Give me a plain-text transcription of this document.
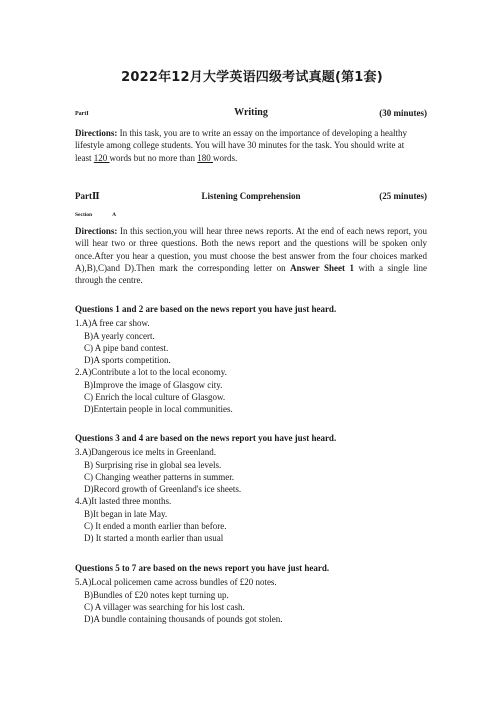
2022年12月大学英语四级考试真题(第1套)
PartI	Writing	(30 minutes)
Directions: In this task, you are to write an essay on the importance of developing a healthy
lifestyle among college students. You will have 30 minutes for the task. You should write at
least 120 words but no more than 180 words.
PartⅡ	Listening Comprehension	(25 minutes)
Section	A
Directions: In this section,you will hear three news reports. At the end of each news report, you will hear two or three questions. Both the news report and the questions will be spoken only once.After you hear a question, you must choose the best answer from the four choices marked A),B),C)and D).Then mark the corresponding letter on Answer Sheet 1 with a single line through the centre.
Questions 1 and 2 are based on the news report you have just heard.
1.A)A free car show.
B)A yearly concert.
C) A pipe band contest.
D)A sports competition.
2.A)Contribute a lot to the local economy.
B)Improve the image of Glasgow city.
C) Enrich the local culture of Glasgow.
D)Entertain people in local communities.
Questions 3 and 4 are based on the news report you have just heard.
3.A)Dangerous ice melts in Greenland.
B) Surprising rise in global sea levels.
C) Changing weather patterns in summer.
D)Record growth of Greenland's ice sheets.
4.A)It lasted three months.
B)It began in late May.
C) It ended a month earlier than before.
D) It started a month earlier than usual
Questions 5 to 7 are based on the news report you have just heard.
5.A)Local policemen came across bundles of £20 notes.
B)Bundles of £20 notes kept turning up.
C) A villager was searching for his lost cash.
D)A bundle containing thousands of pounds got stolen.
